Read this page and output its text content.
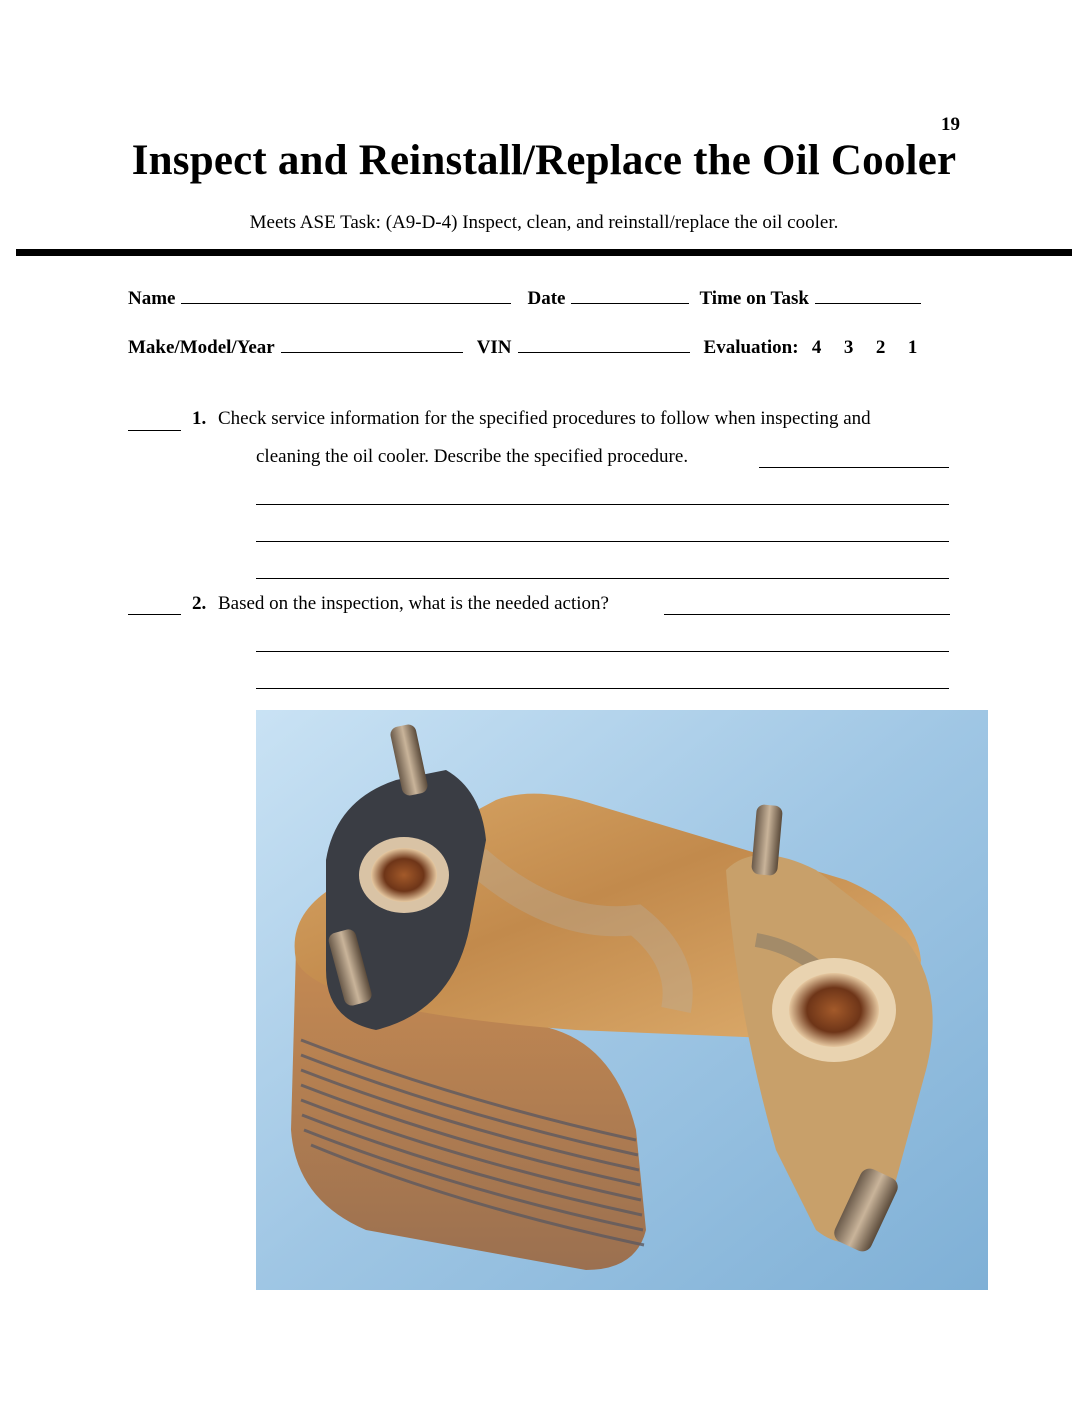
19
Inspect and Reinstall/Replace the Oil Cooler
Meets ASE Task: (A9-D-4) Inspect, clean, and reinstall/replace the oil cooler.
Name	Date	Time on Task
Make/Model/Year	VIN	Evaluation: 4 3 2 1
1. Check service information for the specified procedures to follow when inspecting and
cleaning the oil cooler. Describe the specified procedure.
2. Based on the inspection, what is the needed action?
